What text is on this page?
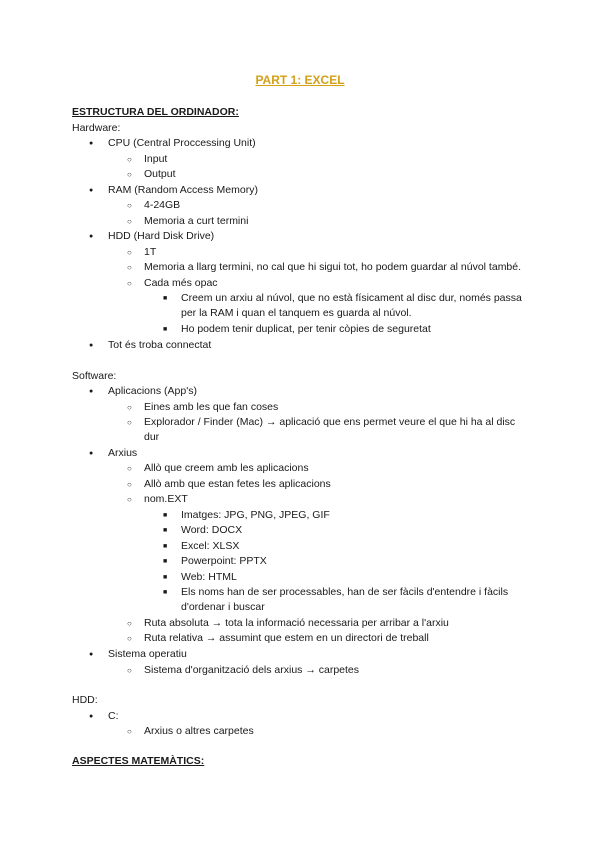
PART 1: EXCEL
ESTRUCTURA DEL ORDINADOR:
Hardware:
● CPU (Central Proccessing Unit)
○ Input
○ Output
● RAM (Random Access Memory)
○ 4-24GB
○ Memoria a curt termini
● HDD (Hard Disk Drive)
○ 1T
○ Memoria a llarg termini, no cal que hi sigui tot, ho podem guardar al núvol també.
○ Cada més opac
■ Creem un arxiu al núvol, que no està físicament al disc dur, només passa
per la RAM i quan el tanquem es guarda al núvol.
■ Ho podem tenir duplicat, per tenir còpies de seguretat
● Tot és troba connectat
Software:
● Aplicacions (App's)
○ Eines amb les que fan coses
○ Explorador / Finder (Mac) → aplicació que ens permet veure el que hi ha al disc
dur
● Arxius
○ Allò que creem amb les aplicacions
○ Allò amb que estan fetes les aplicacions
○ nom.EXT
■ Imatges: JPG, PNG, JPEG, GIF
■ Word: DOCX
■ Excel: XLSX
■ Powerpoint: PPTX
■ Web: HTML
■ Els noms han de ser processables, han de ser fàcils d'entendre i fàcils
d'ordenar i buscar
○ Ruta absoluta → tota la informació necessaria per arribar a l'arxiu
○ Ruta relativa → assumint que estem en un directori de treball
● Sistema operatiu
○ Sistema d'organització dels arxius → carpetes
HDD:
● C:
○ Arxius o altres carpetes
ASPECTES MATEMÀTICS:
